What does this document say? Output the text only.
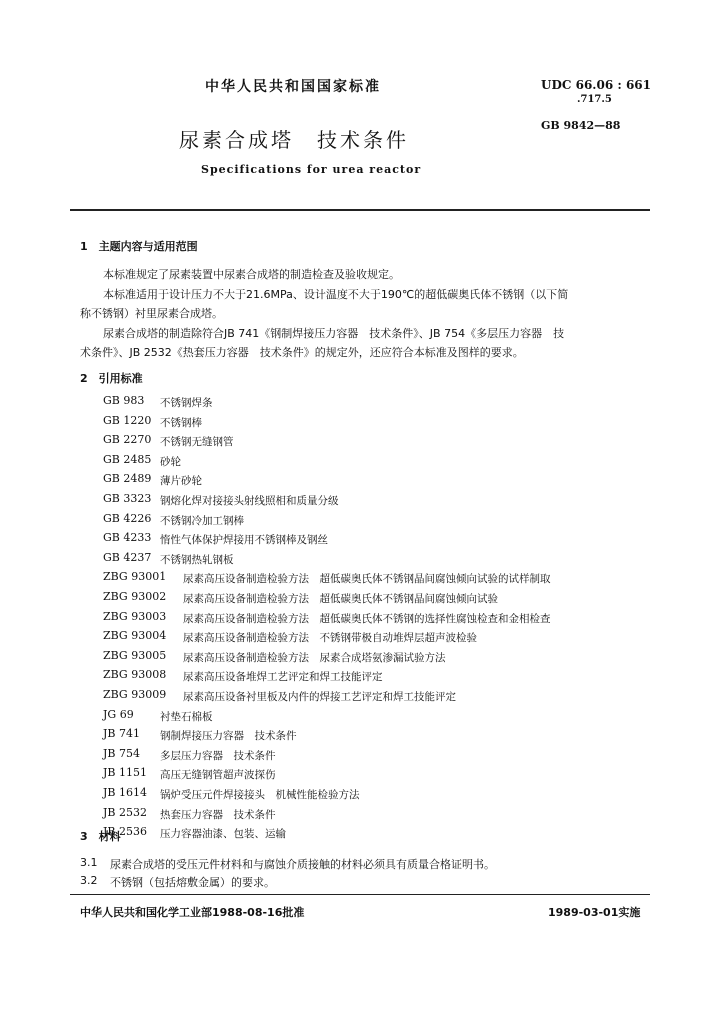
中华人民共和国国家标准	UDC 66.06 : 661
.717.5
GB 9842—88
尿素合成塔　技术条件
Specifications for urea reactor
1　主题内容与适用范围
本标准规定了尿素装置中尿素合成塔的制造检查及验收规定。
本标准适用于设计压力不大于21.6MPa、设计温度不大于190℃的超低碳奥氏体不锈钢（以下简
称不锈钢）衬里尿素合成塔。
尿素合成塔的制造除符合JB 741《钢制焊接压力容器　技术条件》、JB 754《多层压力容器　技
术条件》、JB 2532《热套压力容器　技术条件》的规定外，还应符合本标准及图样的要求。
2　引用标准
GB 983 不锈钢焊条
GB 1220 不锈钢棒
GB 2270 不锈钢无缝钢管
GB 2485 砂轮
GB 2489 薄片砂轮
GB 3323 钢熔化焊对接接头射线照相和质量分级
GB 4226 不锈钢冷加工钢棒
GB 4233 惰性气体保护焊接用不锈钢棒及钢丝
GB 4237 不锈钢热轧钢板
ZBG 93001 尿素高压设备制造检验方法　超低碳奥氏体不锈钢晶间腐蚀倾向试验的试样制取
ZBG 93002 尿素高压设备制造检验方法　超低碳奥氏体不锈钢晶间腐蚀倾向试验
ZBG 93003 尿素高压设备制造检验方法　超低碳奥氏体不锈钢的选择性腐蚀检查和金相检查
ZBG 93004 尿素高压设备制造检验方法　不锈钢带极自动堆焊层超声波检验
ZBG 93005 尿素高压设备制造检验方法　尿素合成塔氨渗漏试验方法
ZBG 93008 尿素高压设备堆焊工艺评定和焊工技能评定
ZBG 93009 尿素高压设备衬里板及内件的焊接工艺评定和焊工技能评定
JG 69	衬垫石棉板
JB 741 钢制焊接压力容器　技术条件
JB 754 多层压力容器　技术条件
JB 1151 高压无缝钢管超声波探伤
JB 1614 锅炉受压元件焊接接头　机械性能检验方法
JB 2532 热套压力容器　技术条件
JB 2536 压力容器油漆、包装、运输
3　材料
3.1 尿素合成塔的受压元件材料和与腐蚀介质接触的材料必须具有质量合格证明书。
3.2 不锈钢（包括熔敷金属）的要求。
中华人民共和国化学工业部1988-08-16批准	1989-03-01实施
